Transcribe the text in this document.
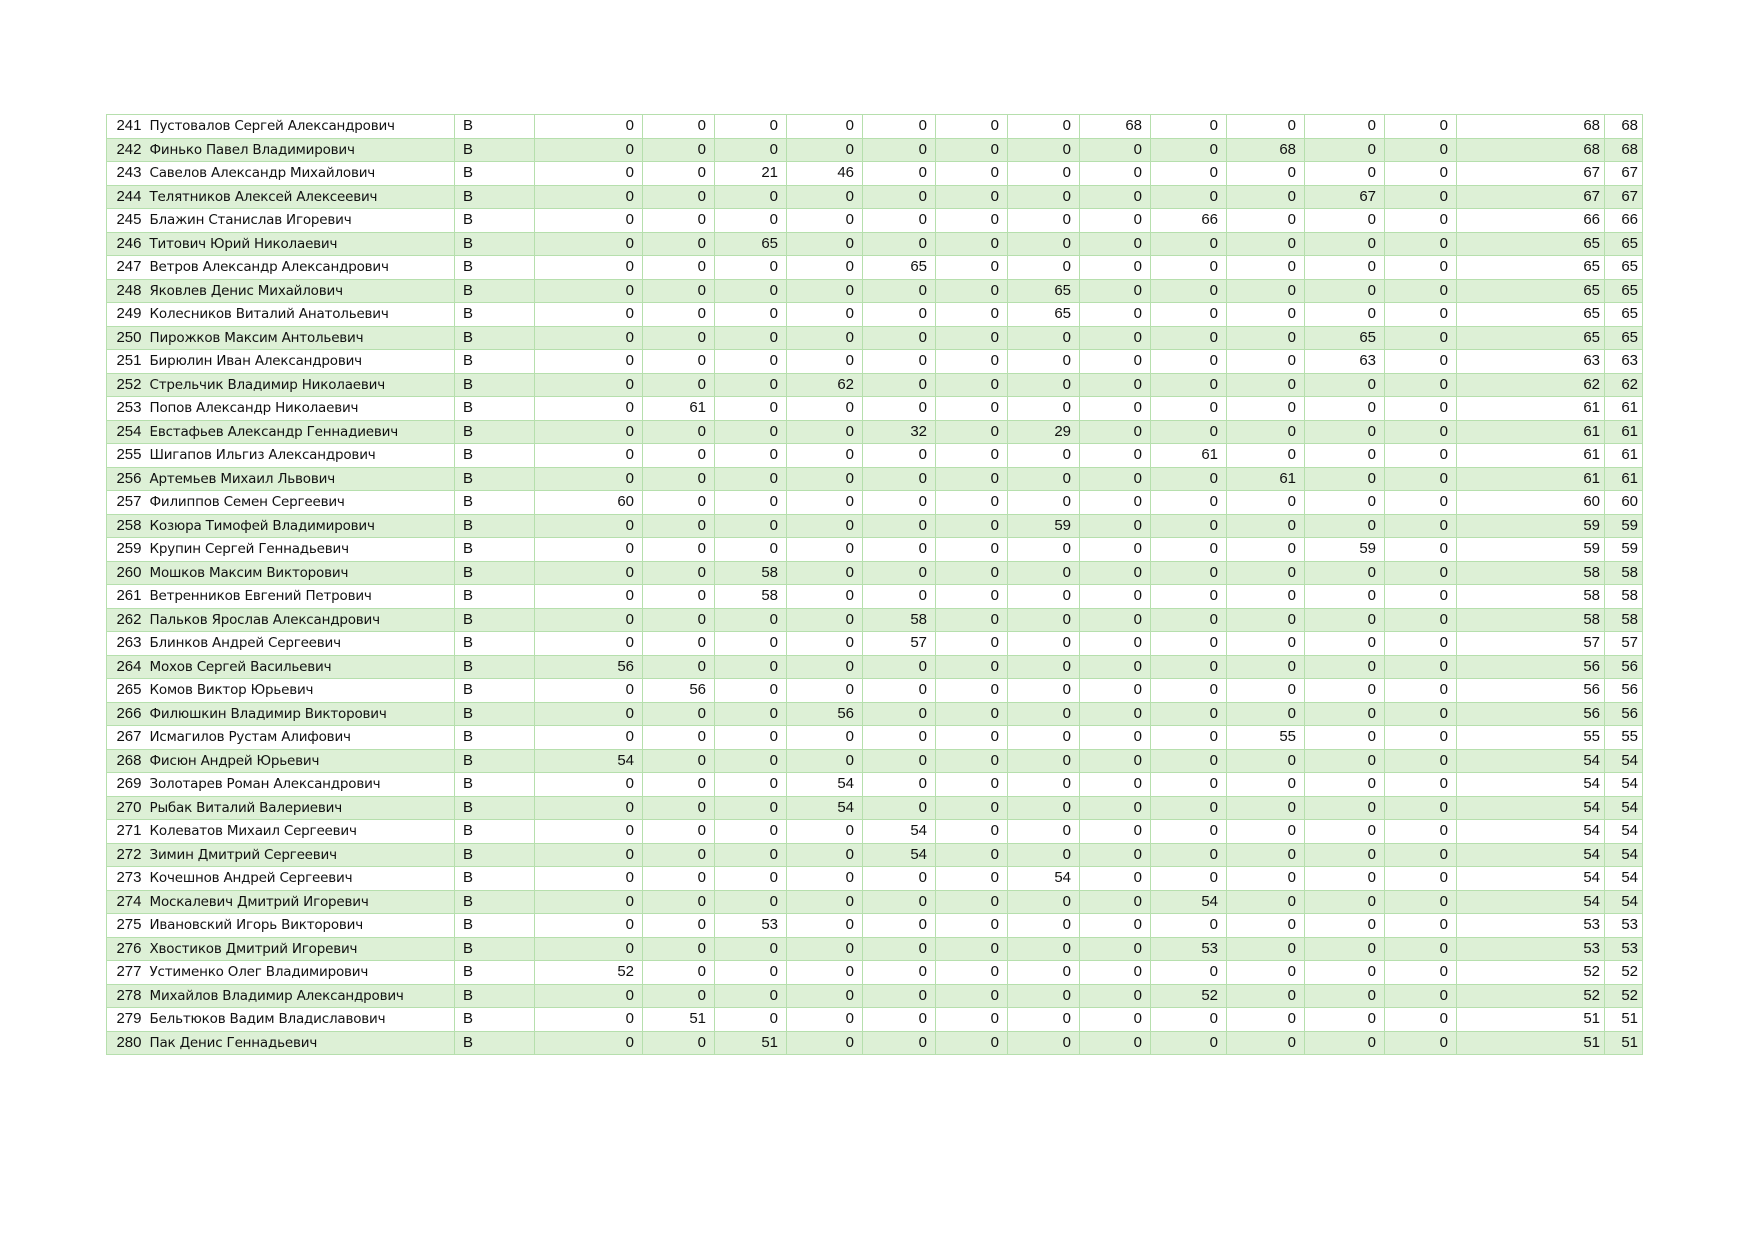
241	Пустовалов Сергей Александрович	В	0	0	0	0	0	0	0	68	0	0	0	0	68	68
242	Финько Павел Владимирович	В	0	0	0	0	0	0	0	0	0	68	0	0	68	68
243	Савелов Александр Михайлович	В	0	0	21	46	0	0	0	0	0	0	0	0	67	67
244	Телятников Алексей Алексеевич	В	0	0	0	0	0	0	0	0	0	0	67	0	67	67
245	Блажин Станислав Игоревич	В	0	0	0	0	0	0	0	0	66	0	0	0	66	66
246	Титович Юрий Николаевич	В	0	0	65	0	0	0	0	0	0	0	0	0	65	65
247	Ветров Александр Александрович	В	0	0	0	0	65	0	0	0	0	0	0	0	65	65
248	Яковлев Денис Михайлович	В	0	0	0	0	0	0	65	0	0	0	0	0	65	65
249	Колесников Виталий Анатольевич	В	0	0	0	0	0	0	65	0	0	0	0	0	65	65
250	Пирожков Максим Антольевич	В	0	0	0	0	0	0	0	0	0	0	65	0	65	65
251	Бирюлин Иван Александрович	В	0	0	0	0	0	0	0	0	0	0	63	0	63	63
252	Стрельчик Владимир Николаевич	В	0	0	0	62	0	0	0	0	0	0	0	0	62	62
253	Попов Александр Николаевич	В	0	61	0	0	0	0	0	0	0	0	0	0	61	61
254	Евстафьев Александр Геннадиевич	В	0	0	0	0	32	0	29	0	0	0	0	0	61	61
255	Шигапов Ильгиз Александрович	В	0	0	0	0	0	0	0	0	61	0	0	0	61	61
256	Артемьев Михаил Львович	В	0	0	0	0	0	0	0	0	0	61	0	0	61	61
257	Филиппов Семен Сергеевич	В	60	0	0	0	0	0	0	0	0	0	0	0	60	60
258	Козюра Тимофей Владимирович	В	0	0	0	0	0	0	59	0	0	0	0	0	59	59
259	Крупин Сергей Геннадьевич	В	0	0	0	0	0	0	0	0	0	0	59	0	59	59
260	Мошков Максим Викторович	В	0	0	58	0	0	0	0	0	0	0	0	0	58	58
261	Ветренников Евгений Петрович	В	0	0	58	0	0	0	0	0	0	0	0	0	58	58
262	Пальков Ярослав Александрович	В	0	0	0	0	58	0	0	0	0	0	0	0	58	58
263	Блинков Андрей Сергеевич	В	0	0	0	0	57	0	0	0	0	0	0	0	57	57
264	Мохов Сергей Васильевич	В	56	0	0	0	0	0	0	0	0	0	0	0	56	56
265	Комов Виктор Юрьевич	В	0	56	0	0	0	0	0	0	0	0	0	0	56	56
266	Филюшкин Владимир Викторович	В	0	0	0	56	0	0	0	0	0	0	0	0	56	56
267	Исмагилов Рустам Алифович	В	0	0	0	0	0	0	0	0	0	55	0	0	55	55
268	Фисюн Андрей Юрьевич	В	54	0	0	0	0	0	0	0	0	0	0	0	54	54
269	Золотарев Роман Александрович	В	0	0	0	54	0	0	0	0	0	0	0	0	54	54
270	Рыбак Виталий Валериевич	В	0	0	0	54	0	0	0	0	0	0	0	0	54	54
271	Колеватов Михаил Сергеевич	В	0	0	0	0	54	0	0	0	0	0	0	0	54	54
272	Зимин Дмитрий Сергеевич	В	0	0	0	0	54	0	0	0	0	0	0	0	54	54
273	Кочешнов Андрей Сергеевич	В	0	0	0	0	0	0	54	0	0	0	0	0	54	54
274	Москалевич Дмитрий Игоревич	В	0	0	0	0	0	0	0	0	54	0	0	0	54	54
275	Ивановский Игорь Викторович	В	0	0	53	0	0	0	0	0	0	0	0	0	53	53
276	Хвостиков Дмитрий Игоревич	В	0	0	0	0	0	0	0	0	53	0	0	0	53	53
277	Устименко Олег Владимирович	В	52	0	0	0	0	0	0	0	0	0	0	0	52	52
278	Михайлов Владимир Александрович	В	0	0	0	0	0	0	0	0	52	0	0	0	52	52
279	Бельтюков Вадим Владиславович	В	0	51	0	0	0	0	0	0	0	0	0	0	51	51
280	Пак Денис Геннадьевич	В	0	0	51	0	0	0	0	0	0	0	0	0	51	51
